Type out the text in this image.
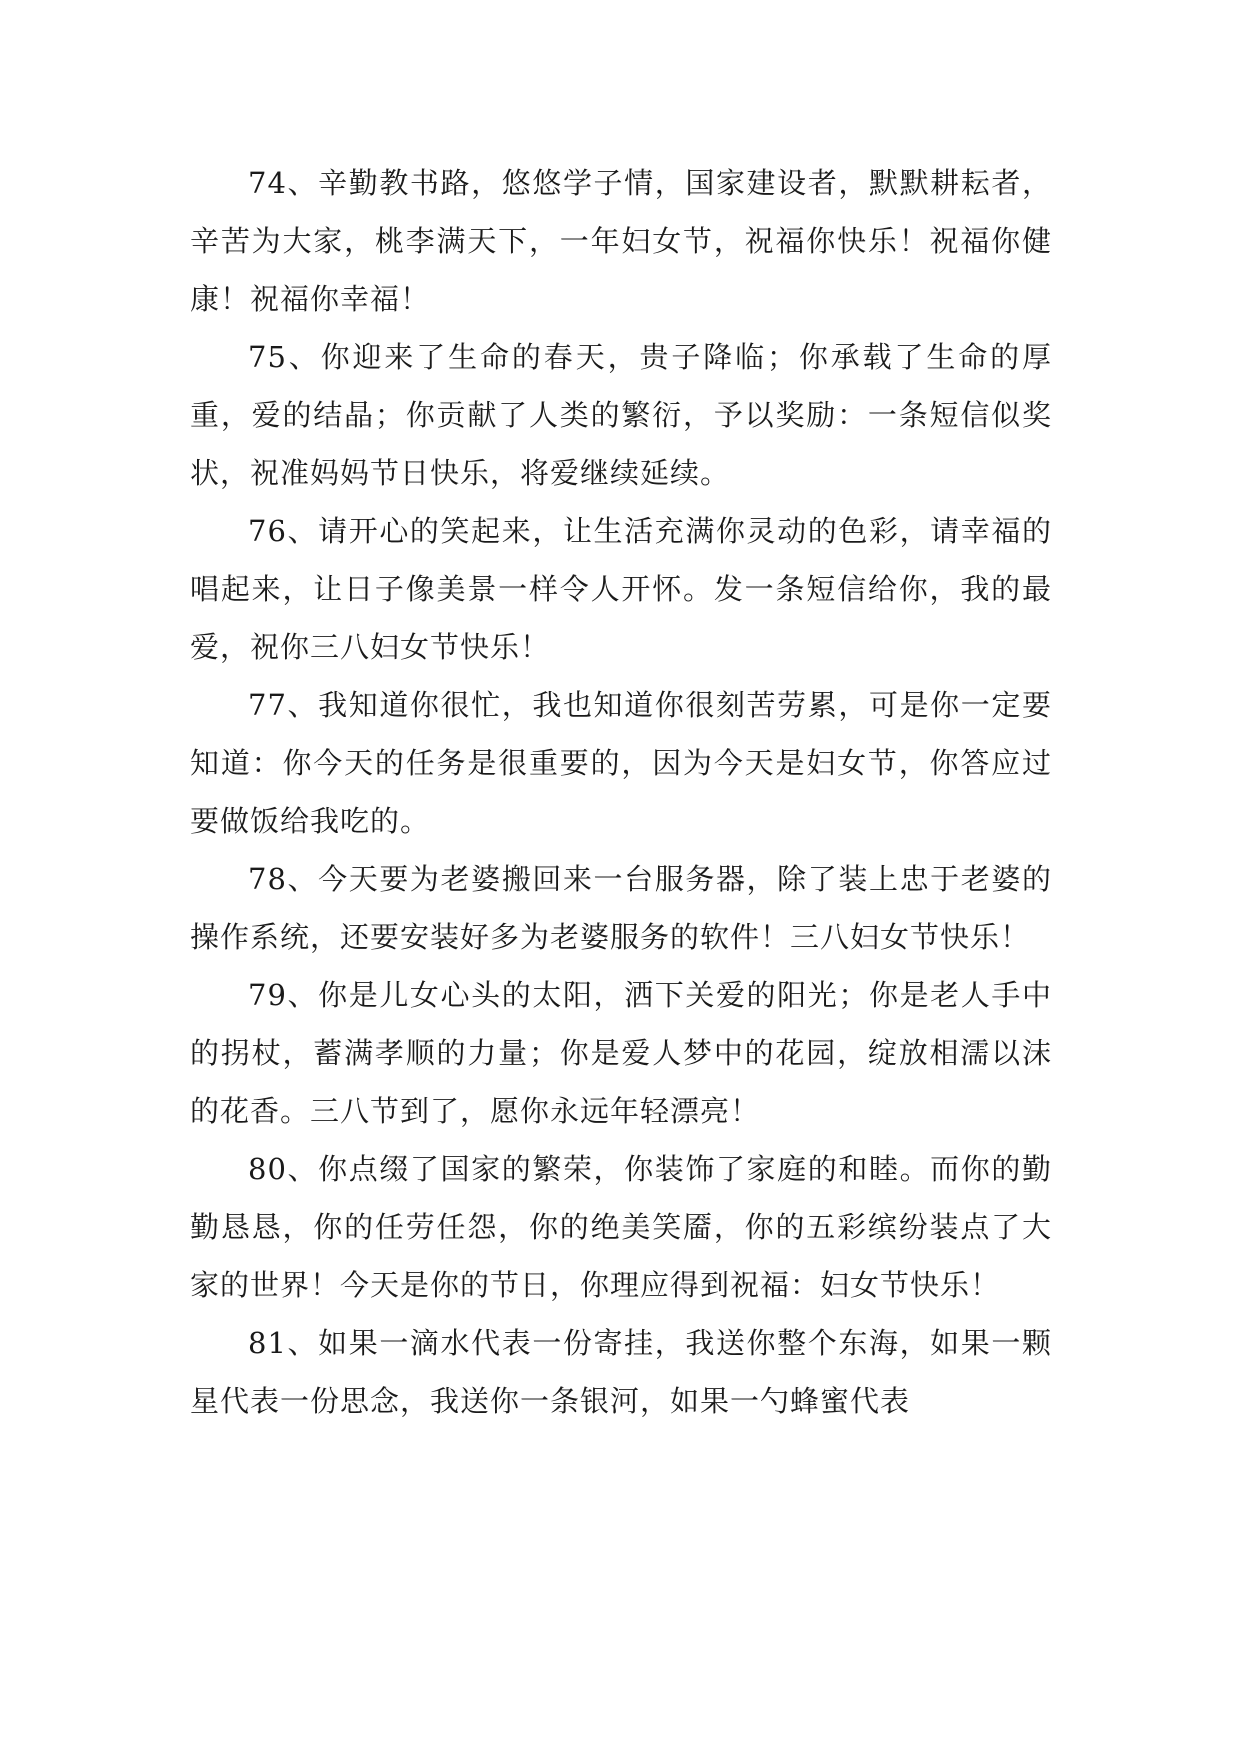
74、辛勤教书路，悠悠学子情，国家建设者，默默耕耘者，辛苦为大家，桃李满天下，一年妇女节，祝福你快乐！祝福你健康！祝福你幸福！

75、你迎来了生命的春天，贵子降临；你承载了生命的厚重，爱的结晶；你贡献了人类的繁衍，予以奖励：一条短信似奖状，祝准妈妈节日快乐，将爱继续延续。

76、请开心的笑起来，让生活充满你灵动的色彩，请幸福的唱起来，让日子像美景一样令人开怀。发一条短信给你，我的最爱，祝你三八妇女节快乐！

77、我知道你很忙，我也知道你很刻苦劳累，可是你一定要知道：你今天的任务是很重要的，因为今天是妇女节，你答应过要做饭给我吃的。

78、今天要为老婆搬回来一台服务器，除了装上忠于老婆的操作系统，还要安装好多为老婆服务的软件！三八妇女节快乐！

79、你是儿女心头的太阳，洒下关爱的阳光；你是老人手中的拐杖，蓄满孝顺的力量；你是爱人梦中的花园，绽放相濡以沫的花香。三八节到了，愿你永远年轻漂亮！

80、你点缀了国家的繁荣，你装饰了家庭的和睦。而你的勤勤恳恳，你的任劳任怨，你的绝美笑靥，你的五彩缤纷装点了大家的世界！今天是你的节日，你理应得到祝福：妇女节快乐！

81、如果一滴水代表一份寄挂，我送你整个东海，如果一颗星代表一份思念，我送你一条银河，如果一勺蜂蜜代表
